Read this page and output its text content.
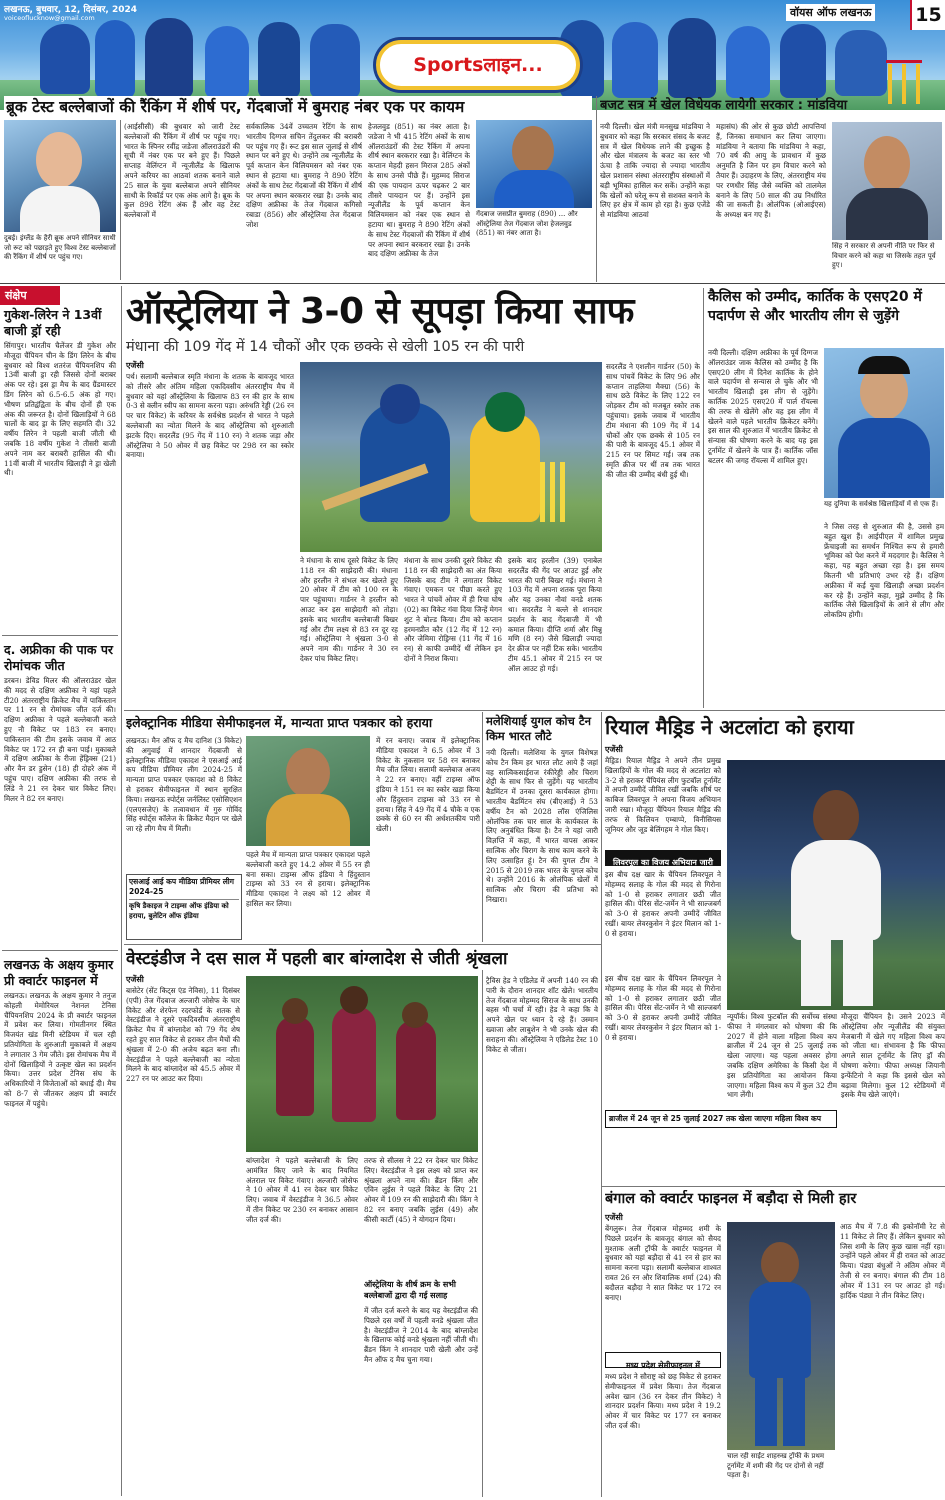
लखनऊ, बुधवार, 12, दिसंबर, 2024
voiceoflucknow@gmail.com	वॉयस ऑफ लखनऊ 15
Sportsलाइन...
ब्रूक टेस्ट बल्लेबाजों की रैंकिंग में शीर्ष पर, गेंदबाजों में बुमराह नंबर एक पर कायम
दुबई। इंग्लैंड के हैरी ब्रूक अपने सीनियर साथी जो रूट को पछाड़ते हुए विश्व टेस्ट बल्लेबाजों की रैंकिंग में शीर्ष पर पहुंच गए।
(आईसीसी) की बुधवार को जारी टेस्ट बल्लेबाजों की रैंकिंग में शीर्ष पर पहुंच गए। भारत के स्पिनर रवींद्र जडेजा ऑलराउंडरों की सूची में नंबर एक पर बने हुए हैं। पिछले सप्ताह वेलिंग्टन में न्यूजीलैंड के खिलाफ अपने करियर का आठवां शतक बनाने वाले 25 साल के युवा बल्लेबाज अपने सीनियर साथी के रिकॉर्ड पर एक अंक आगे है। ब्रूक के कुल 898 रेटिंग अंक हैं और वह टेस्ट बल्लेबाजों में
सर्वकालिक 34वें उच्चतम रेटिंग के साथ भारतीय दिग्गज सचिन तेंदुलकर की बराबरी पर पहुंच गए हैं। रूट इस साल जुलाई से शीर्ष स्थान पर बने हुए थे। उन्होंने तब न्यूजीलैंड के पूर्व कप्तान केन विलियमसन को नंबर एक स्थान से हटाया था। बुमराह ने 890 रेटिंग अंकों के साथ टेस्ट गेंदबाजों की रैंकिंग में शीर्ष पर अपना स्थान बरकरार रखा है। उनके बाद दक्षिण अफ्रीका के तेज गेंदबाज कगिसो रबाडा (856) और ऑस्ट्रेलिया तेज गेंदबाज जोश
हेजलवुड (851) का नंबर आता है। जडेजा ने भी 415 रेटिंग अंकों के साथ ऑलराउंडरों की टेस्ट रैंकिंग में अपना शीर्ष स्थान बरकरार रखा है। वेलिंग्टन के कप्तान मेहदी हसन मिराज 285 अंकों के साथ उनसे पीछे हैं। मुहम्मद सिराज की एक पायदान ऊपर चढ़कर 2 बार तीसरे पायदान पर हैं। उन्होंने इस न्यूजीलैंड के पूर्व कप्तान केन विलियमसन को नंबर एक स्थान से हटाया था। बुमराह ने 890 रेटिंग अंकों के साथ टेस्ट गेंदबाजों की रैंकिंग में शीर्ष पर अपना स्थान बरकरार रखा है। उनके बाद दक्षिण अफ्रीका के तेज
गेंदबाज जसप्रीत बुमराह (890) ... और ऑस्ट्रेलिया तेज गेंदबाज जोश हेजलवुड (851) का नंबर आता है।
बजट सत्र में खेल विधेयक लायेगी सरकार : मांडविया
नयी दिल्ली। खेल मंत्री मनसुख मांडविया ने बुधवार को कहा कि सरकार संसद के बजट सत्र में खेल विधेयक लाने की इच्छुक है और खेल मंत्रालय के बजट का स्तर भी ऊंचा है ताकि ज्यादा से ज्यादा भारतीय खेल प्रशासन संस्था अंतरराष्ट्रीय संस्थाओं में बड़ी भूमिका हासिल कर सकें। उन्होंने कहा कि खेलों को घरेलू रूप से सशक्त बनाने के लिए हर क्षेत्र में काम हो रहा है। कुछ एजेंडे से मांडविया आठवां
महासंघ) की ओर से कुछ छोटी आपत्तियां हैं, जिनका समाधान कर लिया जाएगा। मांडविया ने बताया कि मांडविया ने कहा, 70 वर्ष की आयु के प्रावधान में कुछ अनुमति है जिन पर हम विचार करने को तैयार हैं। उदाहरण के लिए, अंतरराष्ट्रीय मंच पर रणधीर सिंह जैसे व्यक्ति को तालमेल बनाने के लिए 50 साल की उम्र निर्धारित की जा सकती है। ओलंपिक (ओआईएस) के अध्यक्ष बन गए हैं।
सिंह ने सरकार से अपनी नीति पर फिर से विचार करने को कहा था जिसके तहत पूर्व हुए।
संक्षेप
गुकेश-लिरेन ने 13वीं बाजी ड्रॉ रही
सिंगापुर। भारतीय चैलेंजर डी गुकेश और मौजूदा चैंपियन चीन के डिंग लिरेन के बीच बुधवार को विश्व शतरंज चैंपियनशिप की 13वीं बाजी ड्रा रही जिससे दोनों बराबर अंक पर रहे। इस ड्रा मैच के बाद ग्रैंडमास्टर डिंग लिरेन को 6.5-6.5 अंक हो गए। भीषण प्रतिद्वंद्विता के बीच दोनों ही एक अंक की जरूरत है। दोनों खिलाड़ियों ने 68 चालों के बाद ड्रा के लिए सहमति दी। 32 वर्षीय लिरेन ने पहली बाजी जीती थी जबकि 18 वर्षीय गुकेश ने तीसरी बाजी अपने नाम कर बराबरी हासिल की थी। 11वीं बाजी में भारतीय खिलाड़ी ने ड्रा खेली थी।
द. अफ्रीका की पाक पर रोमांचक जीत
डरबन। डेविड मिलर की ऑलराउंडर खेल की मदद से दक्षिण अफ्रीका ने यहां पहले टी20 अंतरराष्ट्रीय क्रिकेट मैच में पाकिस्तान पर 11 रन से रोमांचक जीत दर्ज की। दक्षिण अफ्रीका ने पहले बल्लेबाजी करते हुए नौ विकेट पर 183 रन बनाए। पाकिस्तान की टीम इसके जवाब में आठ विकेट पर 172 रन ही बना पाई। मुकाबले में दक्षिण अफ्रीका के रीजा हेंड्रिक्स (21) और वैन डर डुसेन (18) ही दोहरे अंक में पहुंच पाए। दक्षिण अफ्रीका की तरफ से लिंडे ने 21 रन देकर चार विकेट लिए। मिलर ने 82 रन बनाए।
लखनऊ के अक्षय कुमार प्री क्वार्टर फाइनल में
लखनऊ। लखनऊ के अक्षय कुमार ने तनुज कोहली मेमोरियल नेशनल टेनिस चैंपियनशिप 2024 के प्री क्वार्टर फाइनल में प्रवेश कर लिया। गोमतीनगर स्थित विजयंत खंड मिनी स्टेडियम में चल रही प्रतियोगिता के शुरुआती मुकाबले में अक्षय ने लगातार 3 गेम जीते। इस रोमांचक मैच में दोनों खिलाड़ियों ने उत्कृष्ट खेल का प्रदर्शन किया। उत्तर प्रदेश टेनिस संघ के अधिकारियों ने विजेताओं को बधाई दी। मैच को 8-7 से जीतकर अक्षय प्री क्वार्टर फाइनल में पहुंचे।
ऑस्ट्रेलिया ने 3-0 से सूपड़ा किया साफ
मंधाना की 109 गेंद में 14 चौकों और एक छक्के से खेली 105 रन की पारी
एजेंसी
ने मंधाना के साथ दूसरे विकेट के लिए 118 रन की साझेदारी की। मंधाना और हरलीन ने संभल कर खेलते हुए 20 ओवर में टीम को 100 रन के पार पहुंचाया। गार्डनर ने हरलीन को आउट कर इस साझेदारी को तोड़ा। इसके बाद भारतीय बल्लेबाजी बिखर गई और टीम लक्ष्य से 83 रन दूर रह गई। ऑस्ट्रेलिया ने श्रृंखला 3-0 से अपने नाम की। गार्डनर ने 30 रन देकर पांच विकेट लिए।
मंधाना के साथ उनकी दूसरे विकेट की 118 रन की साझेदारी का अंत किया जिसके बाद टीम ने लगातार विकेट गंवाए। एमकन पर पीछा करते हुए भारत ने पांचवें ओवर में ही रिचा घोष (02) का विकेट गंवा दिया जिन्हें मेगन शुट ने बोल्ड किया। टीम को कप्तान हरमनप्रीत कौर (12 गेंद में 12 रन) और जेमिमा रोड्रिग्स (11 गेंद में 16 रन) से काफी उम्मीदें थीं लेकिन इन दोनों ने निराश किया।
इसके बाद हरलीन (39) एनाबेल सदरलैंड की गेंद पर आउट हुई और भारत की पारी बिखर गई। मंधाना ने 103 गेंद में अपना शतक पूरा किया और यह उनका नौवां वनडे शतक था। सदरलैंड ने बल्ले से शानदार प्रदर्शन के बाद गेंदबाजी में भी कमाल किया। दीप्ति शर्मा और मिन्नू मणि (8 रन) जैसे खिलाड़ी ज्यादा देर क्रीज पर नहीं टिक सके। भारतीय टीम 45.1 ओवर में 215 रन पर ऑल आउट हो गई।
सदरलैंड ने एशलीन गार्डनर (50) के साथ पांचवें विकेट के लिए 96 और कप्तान ताहलिया मैक्ग्रा (56) के साथ छठे विकेट के लिए 122 रन जोड़कर टीम को मजबूत स्कोर तक पहुंचाया। इसके जवाब में भारतीय टीम मंधाना की 109 गेंद में 14 चौकों और एक छक्के से 105 रन की पारी के बावजूद 45.1 ओवर में 215 रन पर सिमट गई। जब तक स्मृति क्रीज पर थीं तब तक भारत की जीत की उम्मीद बंधी हुई थी।
पर्थ। सलामी बल्लेबाज स्मृति मंधाना के शतक के बावजूद भारत को तीसरे और अंतिम महिला एकदिवसीय अंतरराष्ट्रीय मैच में बुधवार को यहां ऑस्ट्रेलिया के खिलाफ 83 रन की हार के साथ 0-3 से क्लीन स्वीप का सामना करना पड़ा। अरुंधति रेड्डी (26 रन पर चार विकेट) के करियर के सर्वश्रेष्ठ प्रदर्शन से भारत ने पहले बल्लेबाजी का न्योता मिलने के बाद ऑस्ट्रेलिया को शुरुआती झटके दिए। सदरलैंड (95 गेंद में 110 रन) ने शतक जड़ा और ऑस्ट्रेलिया ने 50 ओवर में छह विकेट पर 298 रन का स्कोर बनाया।
कैलिस को उम्मीद, कार्तिक के एसए20 में पदार्पण से और भारतीय लीग से जुड़ेंगे
नयी दिल्ली। दक्षिण अफ्रीका के पूर्व दिग्गज ऑलराउंडर जाक कैलिस को उम्मीद है कि एसए20 लीग में दिनेश कार्तिक के होने वाले पदार्पण से सन्यास ले चुके और भी भारतीय खिलाड़ी इस लीग से जुड़ेंगे। कार्तिक 2025 एसए20 में पार्ल रॉयल्स की तरफ से खेलेंगे और वह इस लीग में खेलने वाले पहले भारतीय क्रिकेटर बनेंगे। इस साल की शुरुआत में भारतीय क्रिकेट से संन्यास की घोषणा करने के बाद यह इस टूर्नामेंट में खेलने के पात्र हैं। कार्तिक जॉस बटलर की जगह रॉयल्स में शामिल हुए।
यह दुनिया के सर्वश्रेष्ठ खिलाड़ियों में से एक हैं।
ने जिस तरह से शुरुआत की है, उससे हम बहुत खुश हैं। आईपीएल में शामिल प्रमुख फ्रेंचाइजी का समर्थन निश्चित रूप से हमारी भूमिका को पेश करने में मददगार है। कैलिस ने कहा, यह बहुत अच्छा रहा है। इस समय कितनी भी प्रतिभाएं उभर रहे हैं। दक्षिण अफ्रीका में कई युवा खिलाड़ी अच्छा प्रदर्शन कर रहे हैं। उन्होंने कहा, मुझे उम्मीद है कि कार्तिक जैसे खिलाड़ियों के आने से लीग और लोकप्रिय होगी।
इलेक्ट्रानिक मीडिया सेमीफाइनल में, मान्यता प्राप्त पत्रकार को हराया
लखनऊ। मैन ऑफ द मैच दानिश (3 विकेट) की अगुवाई में शानदार गेंदबाजी से इलेक्ट्रानिक मीडिया एकादश ने एसआई आई कप मीडिया प्रीमियर लीग 2024-25 में मान्यता प्राप्त पत्रकार एकादश को 8 विकेट से हराकर सेमीफाइनल में स्थान सुरक्षित किया। लखनऊ स्पोर्ट्स जर्नलिस्ट एसोसिएशन (एलएसजेए) के तत्वावधान में गुरु गोविंद सिंह स्पोर्ट्स कॉलेज के क्रिकेट मैदान पर खेले जा रहे लीग मैच में मिली।
एसआई आई कप मीडिया प्रीमियर लीग 2024-25
कृषि डैकाइज ने टाइम्स ऑफ इंडिया को हराया, बुलेटिन ऑफ इंडिया
पहले मैच में मान्यता प्राप्त पत्रकार एकादश पहले बल्लेबाजी करते हुए 14.2 ओवर में 55 रन ही बना सका। टाइम्स ऑफ इंडिया ने हिंदुस्तान टाइम्स को 33 रन से हराया। इलेक्ट्रानिक मीडिया एकादश ने लक्ष्य को 12 ओवर में हासिल कर लिया।
में रन बनाए। जवाब में इलेक्ट्रानिक मीडिया एकादश ने 6.5 ओवर में 3 विकेट के नुकसान पर 58 रन बनाकर मैच जीत लिया। सलामी बल्लेबाज अजय ने 22 रन बनाए। वहीं टाइम्स ऑफ इंडिया ने 151 रन का स्कोर खड़ा किया और हिंदुस्तान टाइम्स को 33 रन से हराया। सिंह ने 49 गेंद में 4 चौके व एक छक्के से 60 रन की अर्धशतकीय पारी खेली।
मलेशियाई युगल कोच टैन किम भारत लौटे
नयी दिल्ली। मलेशिया के युगल विशेषज्ञ कोच टैन किम हर भारत लौट आये हैं जहां वह सात्विकसाईराज रंकीरेड्डी और चिराग शेट्टी के साथ फिर से जुड़ेंगे। यह भारतीय बैडमिंटन में उनका दूसरा कार्यकाल होगा। भारतीय बैडमिंटन संघ (बीएआई) ने 53 वर्षीय टैन को 2028 लॉस एंजिलिस ओलंपिक तक चार साल के कार्यकाल के लिए अनुबंधित किया है। टैन ने यहां जारी विज्ञप्ति में कहा, मैं भारत वापस आकर सात्विक और चिराग के साथ काम करने के लिए उत्साहित हूं। टैन की युगल टीम ने 2015 से 2019 तक भारत के युगल कोच थे। उन्होंने 2016 के ओलंपिक खेलों में सात्विक और चिराग की प्रतिभा को निखारा।
रियाल मैड्रिड ने अटलांटा को हराया
एजेंसी
मैड्रिड। रियाल मैड्रिड ने अपने तीन प्रमुख खिलाड़ियों के गोल की मदद से अटलांटा को 3-2 से हराकर चैंपियंस लीग फुटबॉल टूर्नामेंट में अपनी उम्मीदें जीवित रखीं जबकि शीर्ष पर काबिज लिवरपूल ने अपना विजय अभियान जारी रखा। मौजूदा चैंपियन रियाल मैड्रिड की तरफ से किलियन एम्बाप्पे, विनीसियस जूनियर और जूड बेलिंगहम ने गोल किए।
लिवरपूल का विजय अभियान जारी
इस बीच दक्ष खार के चैंपियन लिवरपूल ने मोहम्मद सलाह के गोल की मदद से गिरोना को 1-0 से हराकर लगातार छठी जीत हासिल की। पेरिस सेंट-जर्मेन ने भी साल्जबर्ग को 3-0 से हराकर अपनी उम्मीदें जीवित रखीं। बायर लेवरकुसेन ने इंटर मिलान को 1-0 से हराया।
न्यूयॉर्क। विश्व फुटबॉल की सर्वोच्च संस्था फीफा ने मंगलवार को घोषणा की कि 2027 में होने वाला महिला विश्व कप ब्राजील में 24 जून से 25 जुलाई तक खेला जाएगा। यह पहला अवसर होगा जबकि दक्षिण अमेरिका के किसी देश में इस प्रतियोगिता का आयोजन किया जाएगा। महिला विश्व कप में कुल 32 टीम भाग लेंगी।
मौजूदा चैंपियन है। उसने 2023 में ऑस्ट्रेलिया और न्यूजीलैंड की संयुक्त मेजबानी में खेले गए महिला विश्व कप को जीता था। संभावना है कि फीफा अगले साल टूर्नामेंट के लिए ड्रॉ की घोषणा करेगा। फीफा अध्यक्ष जियानी इन्फेंटिनो ने कहा कि इससे खेल को बढ़ावा मिलेगा। कुल 12 स्टेडियमों में इसके मैच खेले जाएंगे।
ब्राजील में 24 जून से 25 जुलाई 2027 तक खेला जाएगा महिला विश्व कप
इस बीच दक्ष खार के चैंपियन लिवरपूल ने मोहम्मद सलाह के गोल की मदद से गिरोना को 1-0 से हराकर लगातार छठी जीत हासिल की। पेरिस सेंट-जर्मेन ने भी साल्जबर्ग को 3-0 से हराकर अपनी उम्मीदें जीवित रखीं। बायर लेवरकुसेन ने इंटर मिलान को 1-0 से हराया।
वेस्टइंडीज ने दस साल में पहली बार बांग्लादेश से जीती श्रृंखला
एजेंसी
बासेटेर (सेंट किट्स एंड नेविस), 11 दिसंबर (एपी) तेज गेंदबाज अल्जारी जोसेफ के चार विकेट और शेरफेन रदरफोर्ड के शतक से वेस्टइंडीज ने दूसरे एकदिवसीय अंतरराष्ट्रीय क्रिकेट मैच में बांग्लादेश को 79 गेंद शेष रहते हुए सात विकेट से हराकर तीन मैचों की श्रृंखला में 2-0 की अजेय बढ़त बना ली। वेस्टइंडीज ने पहले बल्लेबाजी का न्योता मिलने के बाद बांग्लादेश को 45.5 ओवर में 227 रन पर आउट कर दिया।
बांग्लादेश ने पहले बल्लेबाजी के लिए आमंत्रित किए जाने के बाद नियमित अंतराल पर विकेट गंवाए। अल्जारी जोसेफ ने 10 ओवर में 41 रन देकर चार विकेट लिए। जवाब में वेस्टइंडीज ने 36.5 ओवर में तीन विकेट पर 230 रन बनाकर आसान जीत दर्ज की।
तरफ से सीलस ने 22 रन देकर चार विकेट लिए। वेस्टइंडीज ने इस लक्ष्य को प्राप्त कर श्रृंखला अपने नाम की। ब्रैंडन किंग और एविन लुईस ने पहले विकेट के लिए 21 ओवर में 109 रन की साझेदारी की। किंग ने 82 रन बनाए जबकि लुईस (49) और कीसी कार्टी (45) ने योगदान दिया।
ऑस्ट्रेलिया के शीर्ष क्रम के सभी बल्लेबाजों द्वारा दी गई सलाह
में जीत दर्ज करने के बाद यह वेस्टइंडीज की पिछले दस वर्षों में पहली वनडे श्रृंखला जीत है। वेस्टइंडीज ने 2014 के बाद बांग्लादेश के खिलाफ कोई वनडे श्रृंखला नहीं जीती थी। ब्रैंडन किंग ने शानदार पारी खेली और उन्हें मैन ऑफ द मैच चुना गया।
ट्रैविस हेड ने एडिलेड में अपनी 140 रन की पारी के दौरान शानदार शॉट खेले। भारतीय तेज गेंदबाज मोहम्मद सिराज के साथ उनकी बहस भी चर्चा में रही। हेड ने कहा कि वे अपने खेल पर ध्यान दे रहे हैं। उस्मान ख्वाजा और लाबुशेन ने भी उनके खेल की सराहना की। ऑस्ट्रेलिया ने एडिलेड टेस्ट 10 विकेट से जीता।
बंगाल को क्वार्टर फाइनल में बड़ौदा से मिली हार
एजेंसी
बेंगलुरू। तेज गेंदबाज मोहम्मद शमी के पिछले प्रदर्शन के बावजूद बंगाल को सैयद मुश्ताक अली ट्रॉफी के क्वार्टर फाइनल में बुधवार को यहां बड़ौदा से 41 रन से हार का सामना करना पड़ा। सलामी बल्लेबाज शाश्वत रावत 26 रन और शिवालिक शर्मा (24) की बदौलत बड़ौदा ने सात विकेट पर 172 रन बनाए।
मध्य प्रदेश सेमीफाइनल में
मध्य प्रदेश ने सौराष्ट्र को छह विकेट से हराकर सेमीफाइनल में प्रवेश किया। तेज गेंदबाज अवेश खान (36 रन देकर तीन विकेट) ने शानदार प्रदर्शन किया। मध्य प्रदेश ने 19.2 ओवर में चार विकेट पर 177 रन बनाकर जीत दर्ज की।
चाल रही साईंट शाहरुख ट्रॉफी के प्रथम टूर्नामेंट में शमी की गेंद पर दोनों से नहीं पड़ता है।
आठ मैच में 7.8 की इकोनॉमी रेट से 11 विकेट ले लिए हैं। लेकिन बुधवार को जिस शमी के लिए कुछ खास नहीं रहा। उन्होंने पहले ओवर में ही रावत को आउट किया। पंड्या बंधुओं ने अंतिम ओवर में तेजी से रन बनाए। बंगाल की टीम 18 ओवर में 131 रन पर आउट हो गई। हार्दिक पंड्या ने तीन विकेट लिए।
